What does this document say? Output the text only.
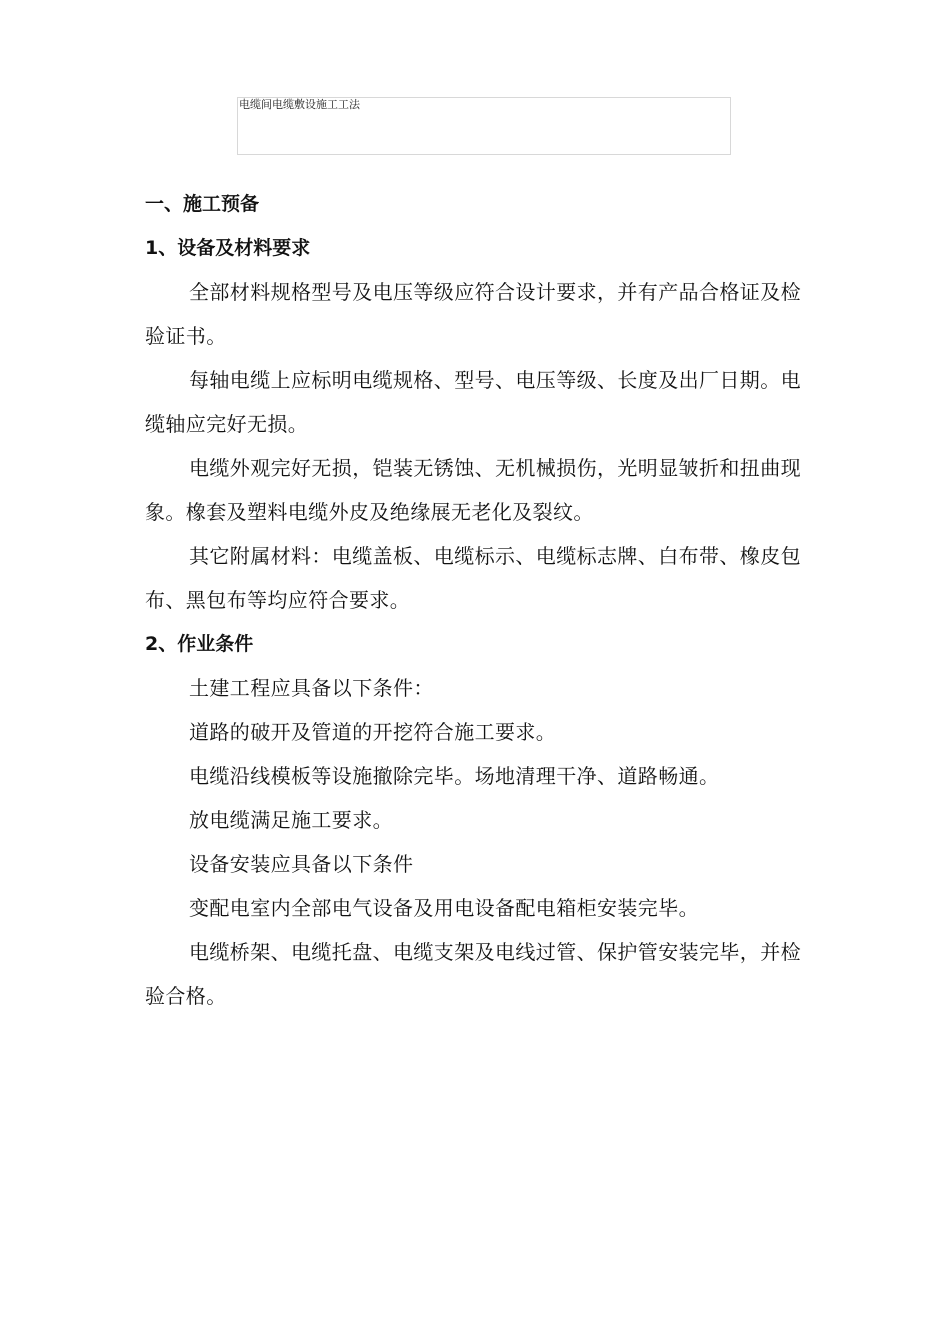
电缆间电缆敷设施工工法

一、施工预备

1、设备及材料要求

全部材料规格型号及电压等级应符合设计要求，并有产品合格证及检验证书。

每轴电缆上应标明电缆规格、型号、电压等级、长度及出厂日期。电缆轴应完好无损。

电缆外观完好无损，铠装无锈蚀、无机械损伤，光明显皱折和扭曲现象。橡套及塑料电缆外皮及绝缘展无老化及裂纹。

其它附属材料：电缆盖板、电缆标示、电缆标志牌、白布带、橡皮包布、黑包布等均应符合要求。

2、作业条件

土建工程应具备以下条件：

道路的破开及管道的开挖符合施工要求。

电缆沿线模板等设施撤除完毕。场地清理干净、道路畅通。

放电缆满足施工要求。

设备安装应具备以下条件

变配电室内全部电气设备及用电设备配电箱柜安装完毕。

电缆桥架、电缆托盘、电缆支架及电线过管、保护管安装完毕，并检验合格。
